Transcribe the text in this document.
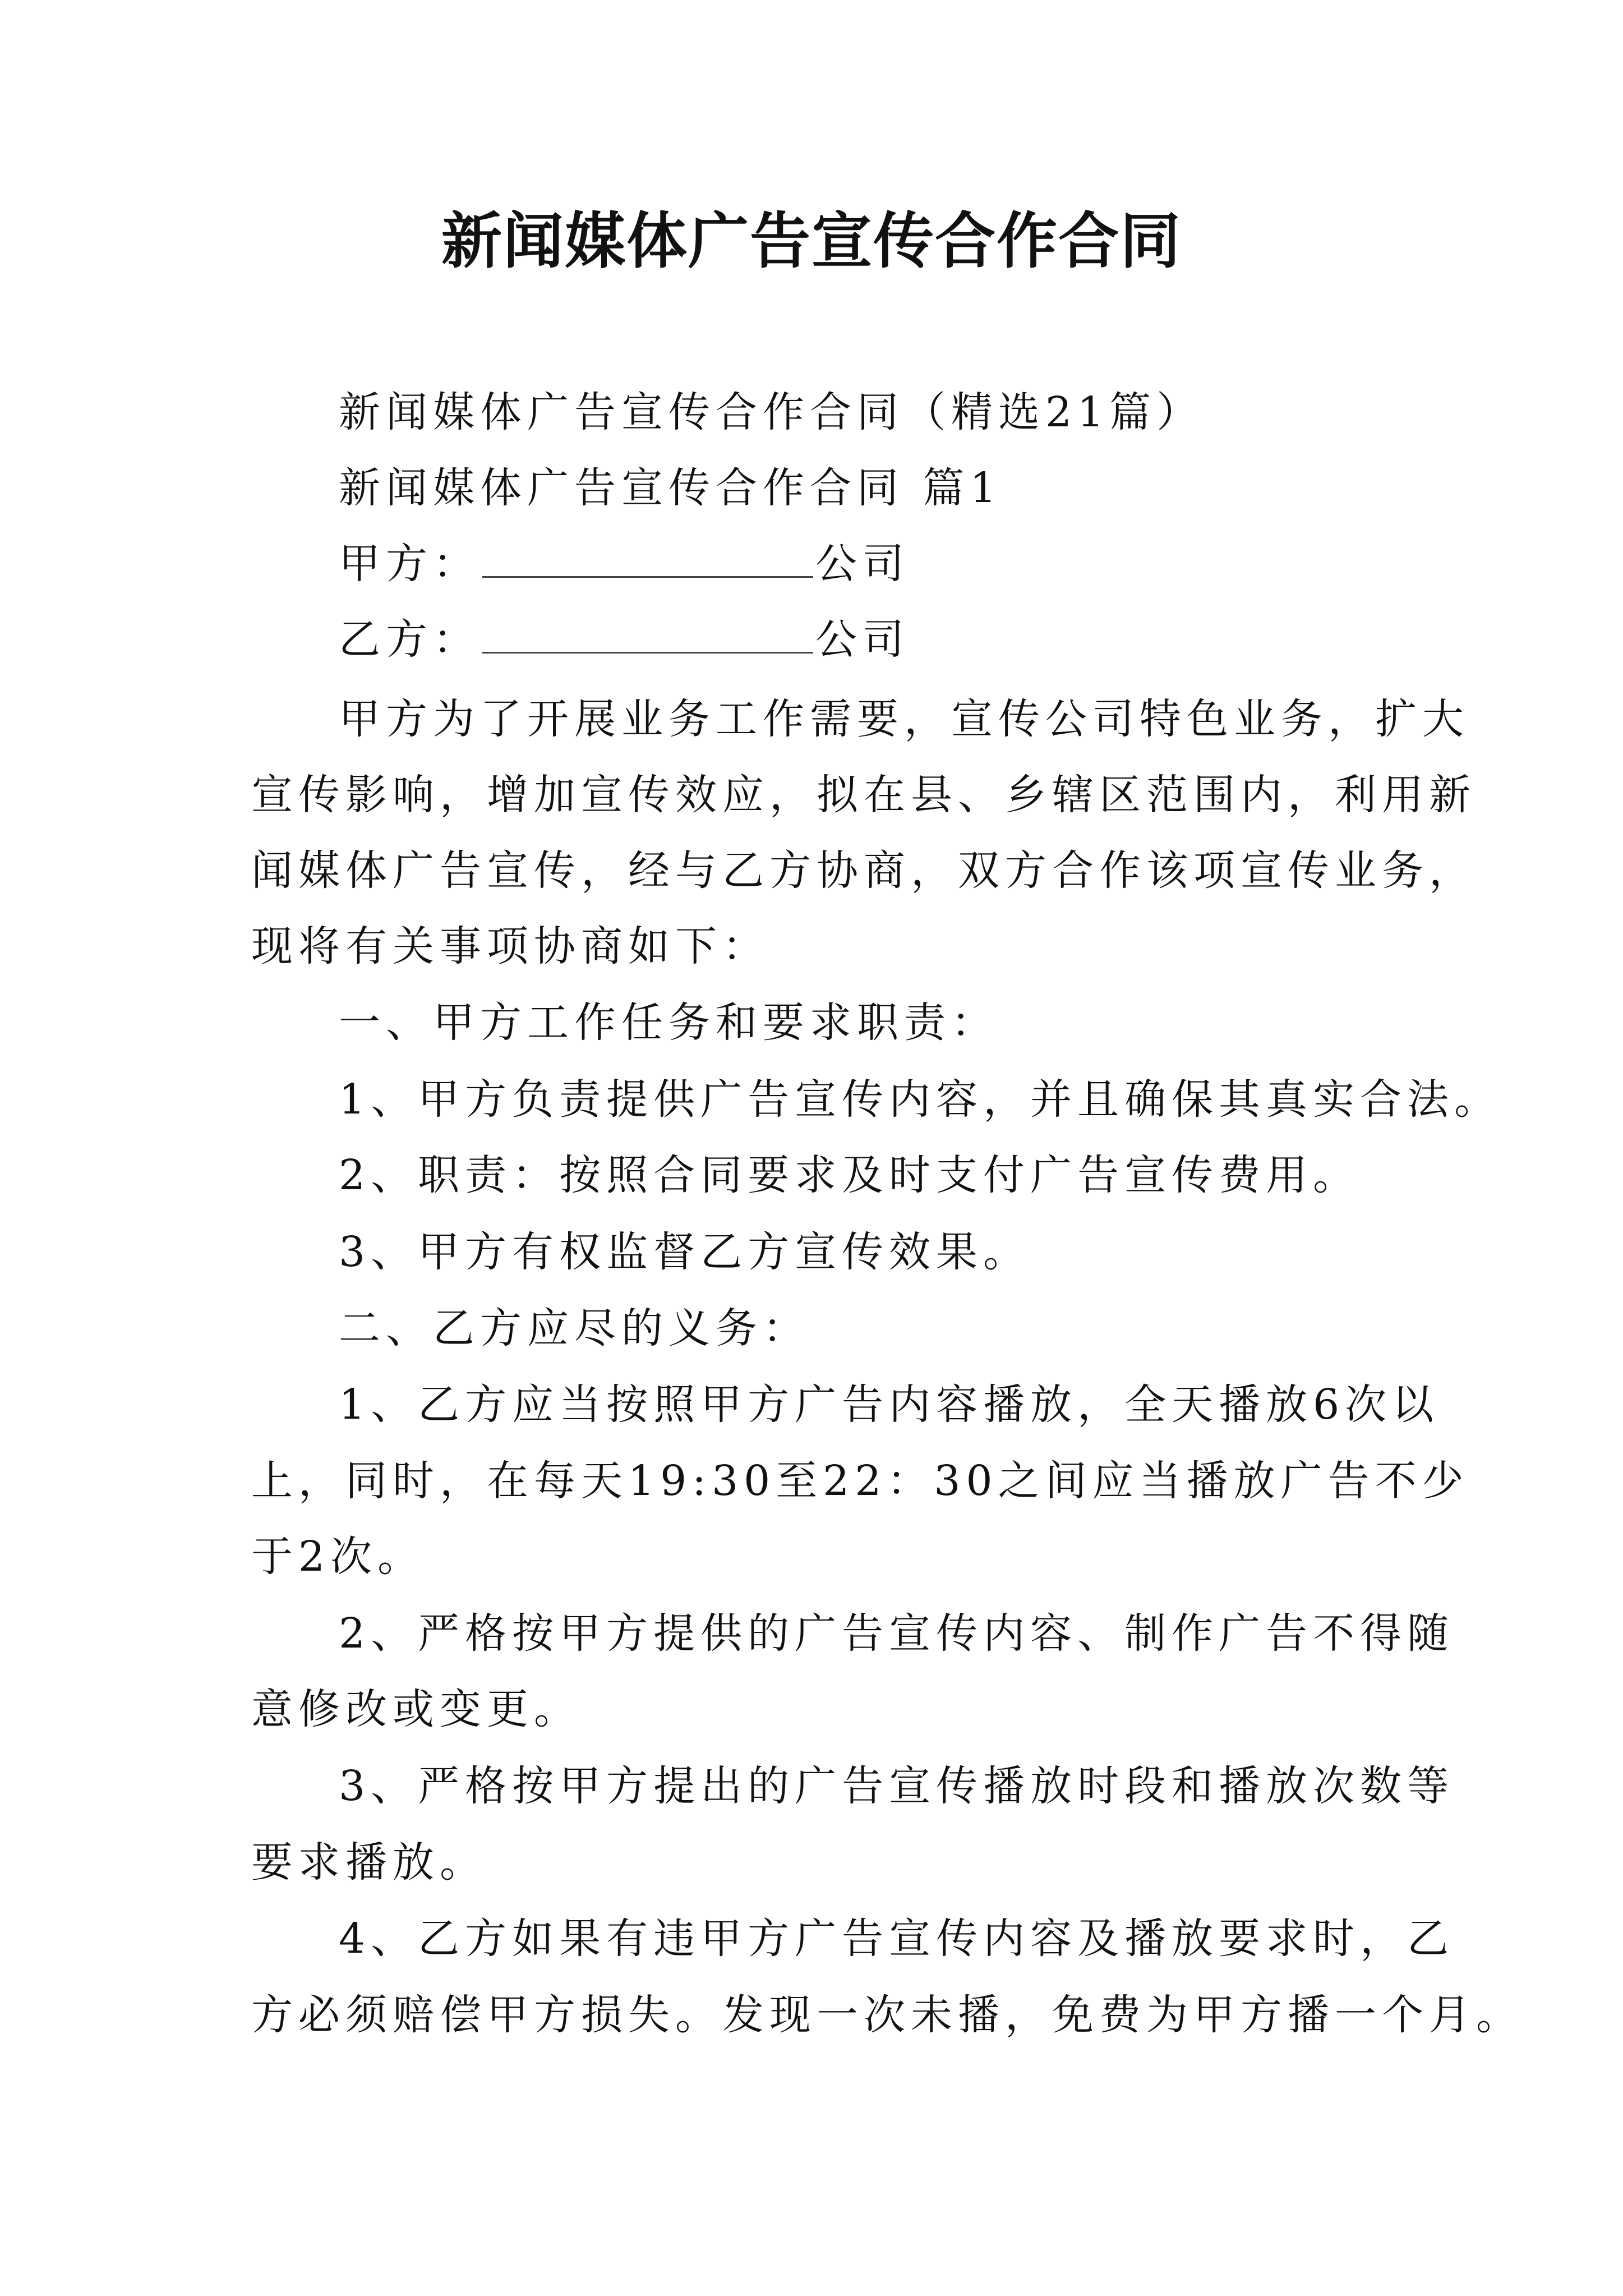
新闻媒体广告宣传合作合同
新闻媒体广告宣传合作合同（精选21篇）
新闻媒体广告宣传合作合同 篇1
甲方：	公司
乙方：	公司
甲方为了开展业务工作需要，宣传公司特色业务，扩大
宣传影响，增加宣传效应，拟在县、乡辖区范围内，利用新
闻媒体广告宣传，经与乙方协商，双方合作该项宣传业务，
现将有关事项协商如下：
一、甲方工作任务和要求职责：
1、甲方负责提供广告宣传内容，并且确保其真实合法。
2、职责：按照合同要求及时支付广告宣传费用。
3、甲方有权监督乙方宣传效果。
二、乙方应尽的义务：
1、乙方应当按照甲方广告内容播放，全天播放6次以
上，同时，在每天19:30至22：30之间应当播放广告不少
于2次。
2、严格按甲方提供的广告宣传内容、制作广告不得随
意修改或变更。
3、严格按甲方提出的广告宣传播放时段和播放次数等
要求播放。
4、乙方如果有违甲方广告宣传内容及播放要求时，乙
方必须赔偿甲方损失。发现一次未播，免费为甲方播一个月。
